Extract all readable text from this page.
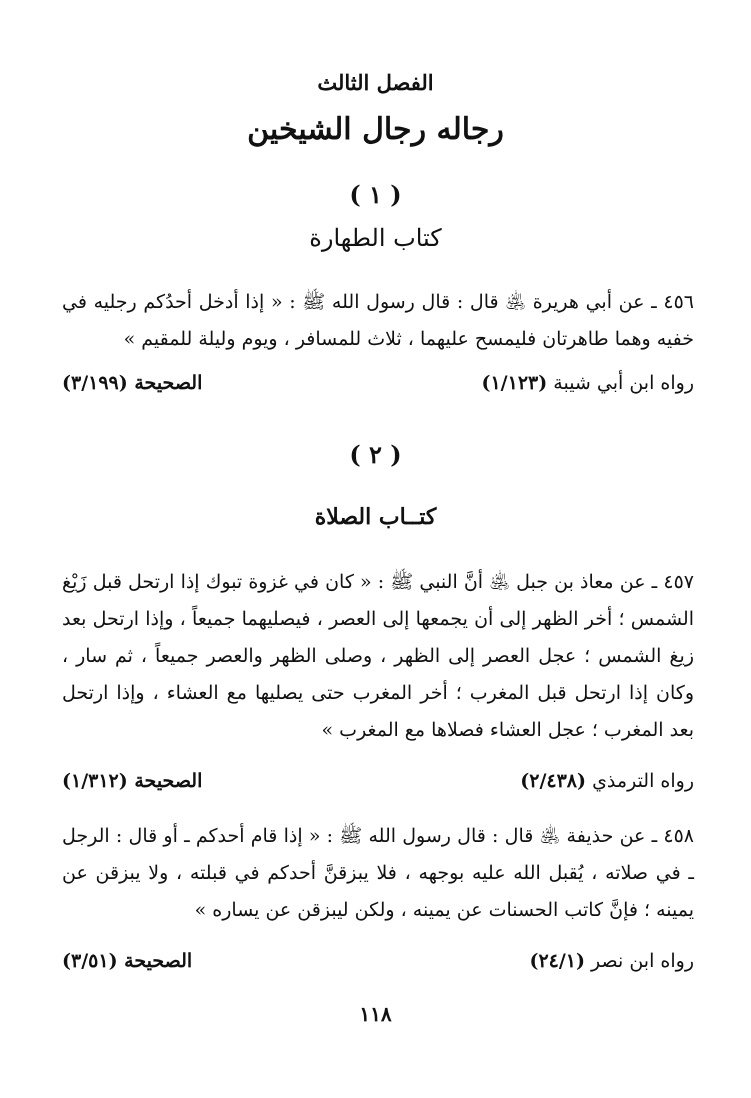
الفصل الثالث
رجاله رجال الشيخين
( ١ )
كتاب الطهارة
٤٥٦ ـ عن أبي هريرة ﵁ قال : قال رسول الله ﷺ : « إذا أدخل أحدُكم رجليه في خفيه وهما طاهرتان فليمسح عليهما ، ثلاث للمسافر ، ويوم وليلة للمقيم »
رواه ابن أبي شيبة (١/١٢٣)
الصحيحة (٣/١٩٩)
( ٢ )
كتــاب الصلاة
٤٥٧ ـ عن معاذ بن جبل ﵁ أنَّ النبي ﷺ : « كان في غزوة تبوك إذا ارتحل قبل زَيْغ الشمس ؛ أخر الظهر إلى أن يجمعها إلى العصر ، فيصليهما جميعاً ، وإذا ارتحل بعد زيغ الشمس ؛ عجل العصر إلى الظهر ، وصلى الظهر والعصر جميعاً ، ثم سار ، وكان إذا ارتحل قبل المغرب ؛ أخر المغرب حتى يصليها مع العشاء ، وإذا ارتحل بعد المغرب ؛ عجل العشاء فصلاها مع المغرب »
رواه الترمذي (٢/٤٣٨)
الصحيحة (١/٣١٢)
٤٥٨ ـ عن حذيفة ﵁ قال : قال رسول الله ﷺ : « إذا قام أحدكم ـ أو قال : الرجل ـ في صلاته ، يُقبل الله عليه بوجهه ، فلا يبزقنَّ أحدكم في قبلته ، ولا يبزقن عن يمينه ؛ فإنَّ كاتب الحسنات عن يمينه ، ولكن ليبزقن عن يساره »
رواه ابن نصر (٢٤/١)
الصحيحة (٣/٥١)
١١٨
